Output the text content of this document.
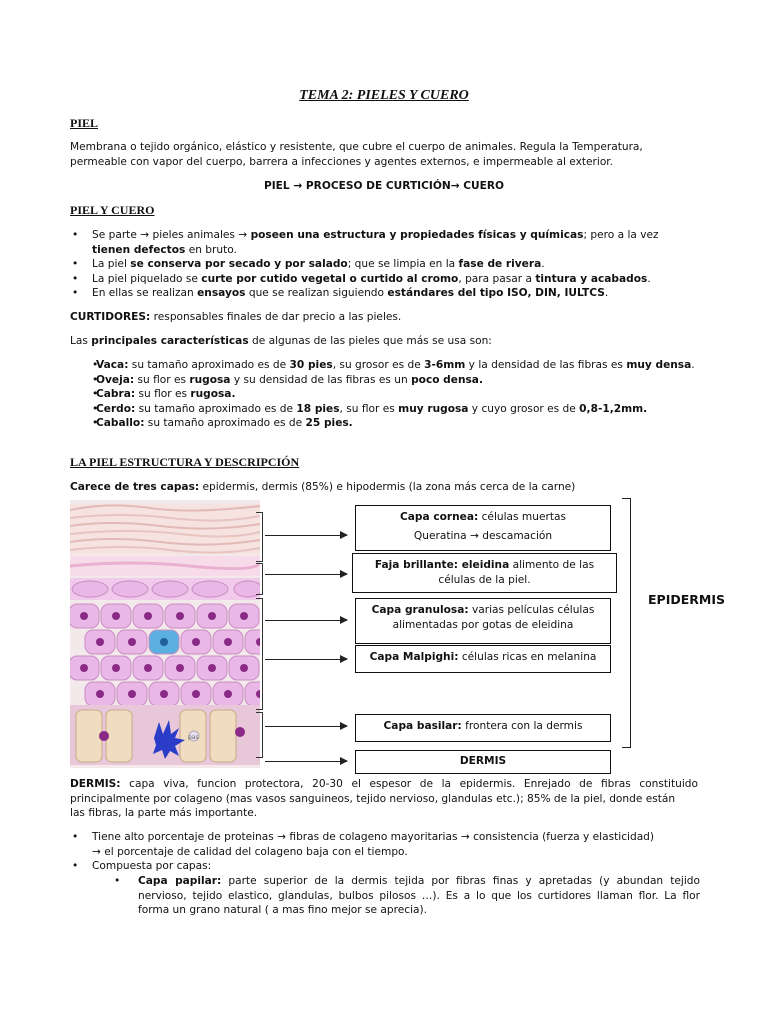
TEMA 2: PIELES Y CUERO
PIEL
Membrana o tejido orgánico, elástico y resistente, que cubre el cuerpo de animales. Regula la Temperatura,
permeable con vapor del cuerpo, barrera a infecciones y agentes externos, e impermeable al exterior.
PIEL → PROCESO DE CURTICIÓN→ CUERO
PIEL Y CUERO
• Se parte → pieles animales → poseen una estructura y propiedades físicas y químicas; pero a la vez tienen defectos en bruto.
• La piel se conserva por secado y por salado; que se limpia en la fase de rivera.
• La piel piquelado se curte por cutido vegetal o curtido al cromo, para pasar a tintura y acabados.
• En ellas se realizan ensayos que se realizan siguiendo estándares del tipo ISO, DIN, IULTCS.
CURTIDORES: responsables finales de dar precio a las pieles.
Las principales características de algunas de las pieles que más se usa son:
• Vaca: su tamaño aproximado es de 30 pies, su grosor es de 3-6mm y la densidad de las fibras es muy densa.
• Oveja: su flor es rugosa y su densidad de las fibras es un poco densa.
• Cabra: su flor es rugosa.
• Cerdo: su tamaño aproximado es de 18 pies, su flor es muy rugosa y cuyo grosor es de 0,8-1,2mm.
• Caballo: su tamaño aproximado es de 25 pies.
LA PIEL ESTRUCTURA Y DESCRIPCIÓN
Carece de tres capas: epidermis, dermis (85%) e hipodermis (la zona más cerca de la carne)
pas
Capa cornea: células muertas
Queratina → descamación
Faja brillante: eleidina alimento de las
células de la piel.
Capa granulosa: varias películas células
alimentadas por gotas de eleidina
Capa Malpighi: células ricas en melanina
Capa basilar: frontera con la dermis
DERMIS
EPIDERMIS
DERMIS: capa viva, funcion protectora, 20-30 el espesor de la epidermis. Enrejado de fibras constituido
principalmente por colageno (mas vasos sanguineos, tejido nervioso, glandulas etc.); 85% de la piel, donde están
las fibras, la parte más importante.
• Tiene alto porcentaje de proteinas → fibras de colageno mayoritarias → consistencia (fuerza y elasticidad)
→ el porcentaje de calidad del colageno baja con el tiempo.
• Compuesta por capas:
• Capa papilar: parte superior de la dermis tejida por fibras finas y apretadas (y abundan tejido
nervioso, tejido elastico, glandulas, bulbos pilosos …). Es a lo que los curtidores llaman flor. La flor
forma un grano natural ( a mas fino mejor se aprecia).
